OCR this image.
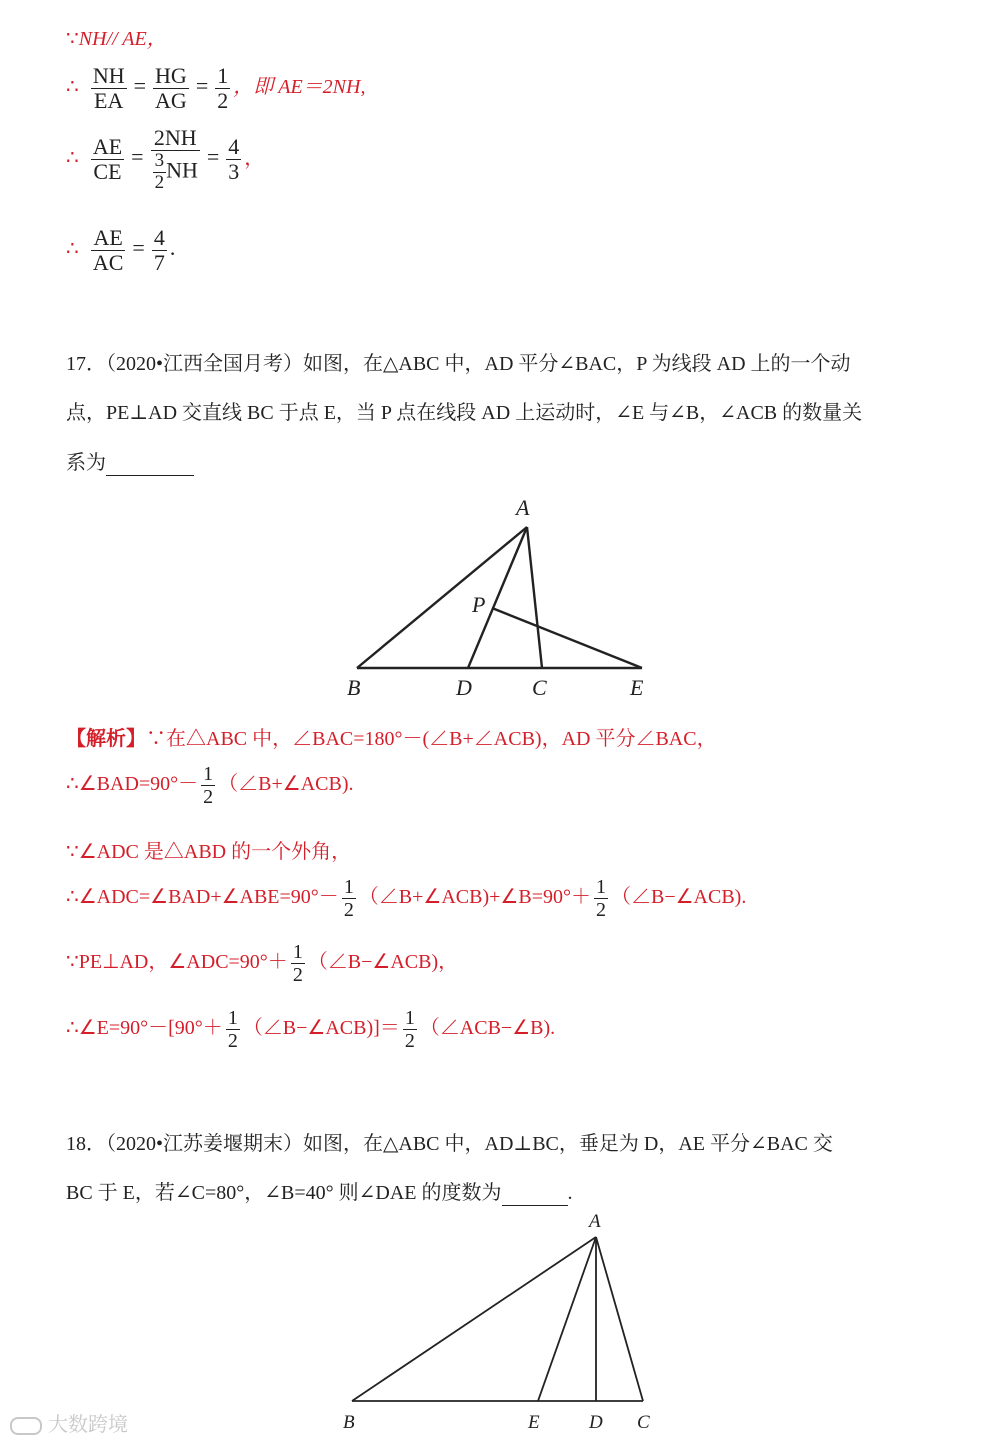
∵NH// AE，
∴ $\frac{NH}{EA} = \frac{HG}{AG} = \frac{1}{2}$ ，即 AE＝2NH,
∴ $\frac{AE}{CE} = \frac{2NH}{\frac{3}{2} NH} = \frac{4}{3}$ ，
∴ $\frac{AE}{AC} = \frac{4}{7}$ .
17．（2020•江西全国月考）如图，在△ABC 中，AD 平分∠BAC，P 为线段 AD 上的一个动
点，PE⊥AD 交直线 BC 于点 E，当 P 点在线段 AD 上运动时，∠E 与∠B，∠ACB 的数量关
系为
A
B	D	C	E
P
【解析】∵在△ABC 中，∠BAC=180°－(∠B+∠ACB)，AD 平分∠BAC，
∴∠BAD=90°－ $\frac{1}{2}$ （∠B+∠ACB).
∵∠ADC 是△ABD 的一个外角，
∴∠ADC=∠BAD+∠ABE=90°－ $\frac{1}{2}$ （∠B+∠ACB)+∠B=90°＋ $\frac{1}{2}$ （∠B−∠ACB).
∵PE⊥AD，∠ADC=90°＋ $\frac{1}{2}$ （∠B−∠ACB)，
∴∠E=90°－[90°＋ $\frac{1}{2}$ （∠B−∠ACB)]＝ $\frac{1}{2}$ （∠ACB−∠B).
18．（2020•江苏姜堰期末）如图，在△ABC 中，AD⊥BC，垂足为 D，AE 平分∠BAC 交
BC 于 E，若∠C=80°，∠B=40° 则∠DAE 的度数为	.
A
B	E	D C
大数跨境
